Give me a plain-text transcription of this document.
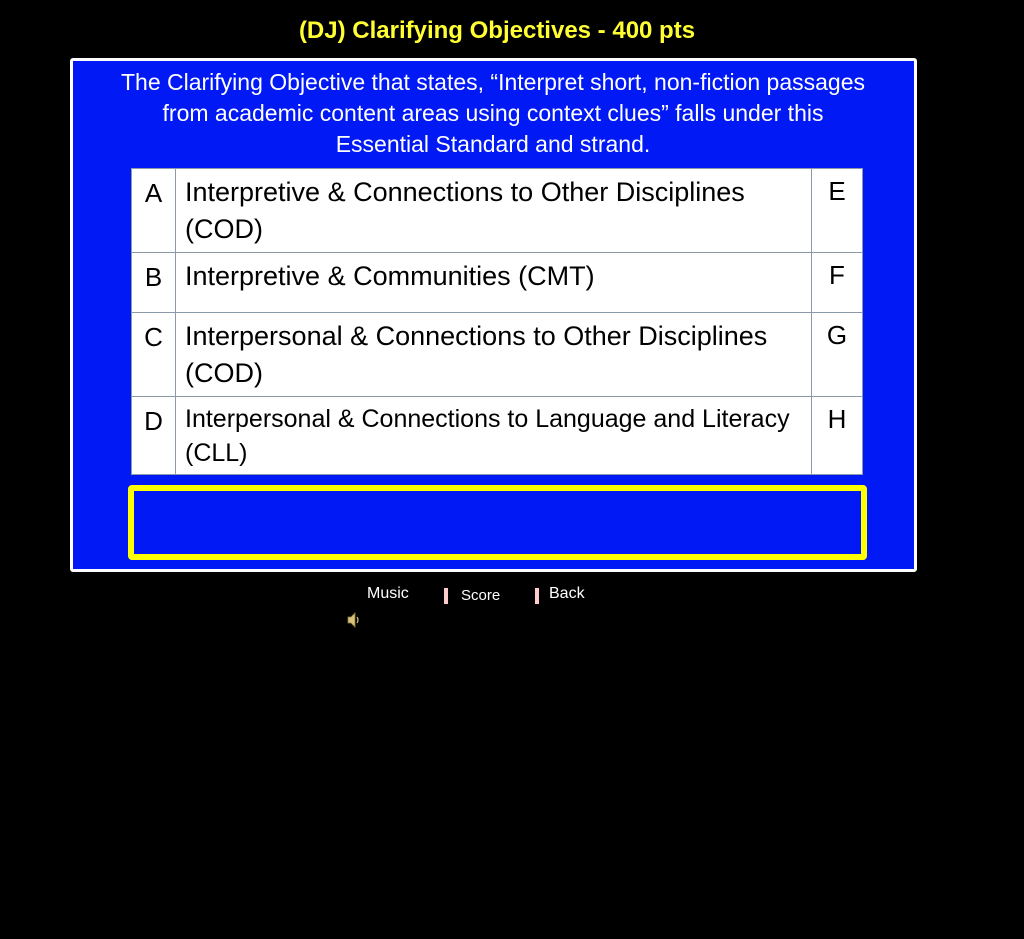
(DJ) Clarifying Objectives - 400 pts
The Clarifying Objective that states, “Interpret short, non-fiction passages from academic content areas using context clues” falls under this Essential Standard and strand.
A	Interpretive & Connections to Other Disciplines (COD)	E
B	Interpretive & Communities (CMT)	F
C	Interpersonal & Connections to Other Disciplines (COD)	G
D	Interpersonal & Connections to Language and Literacy (CLL)	H
Music	Score	Back
